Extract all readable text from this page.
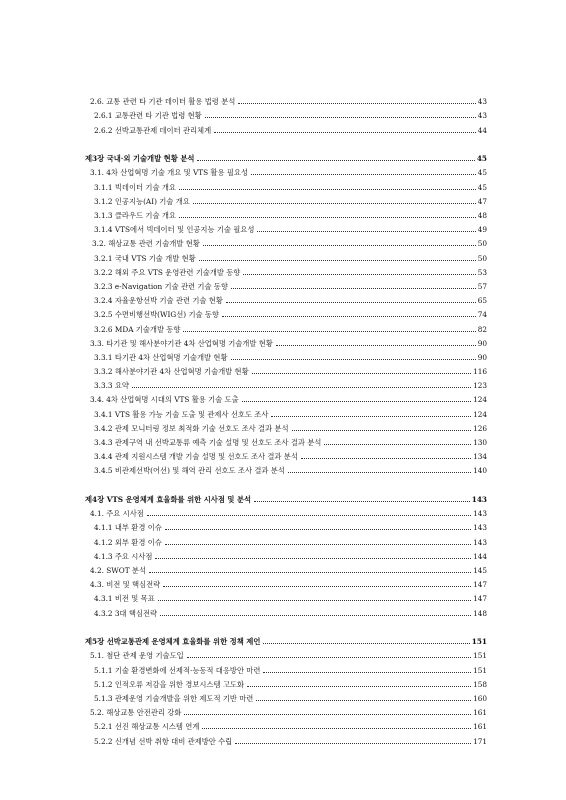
2.6. 교통 관련 타 기관 데이터 활용 법령 분석	43
2.6.1 교통관련 타 기관 법령 현황	43
2.6.2 선박교통관제 데이터 관리체계	44
제3장 국내·외 기술개발 현황 분석	45
3.1. 4차 산업혁명 기술 개요 및 VTS 활용 필요성	45
3.1.1 빅데이터 기술 개요	45
3.1.2 인공지능(AI) 기술 개요	47
3.1.3 클라우드 기술 개요	48
3.1.4 VTS에서 빅데이터 및 인공지능 기술 필요성	49
3.2. 해상교통 관련 기술개발 현황	50
3.2.1 국내 VTS 기술 개발 현황	50
3.2.2 해외 주요 VTS 운영관련 기술개발 동향	53
3.2.3 e-Navigation 기술 관련 기술 동향	57
3.2.4 자율운항선박 기술 관련 기술 현황	65
3.2.5 수면비행선박(WIG선) 기술 동향	74
3.2.6 MDA 기술개발 동향	82
3.3. 타기관 및 해사분야기관 4차 산업혁명 기술개발 현황	90
3.3.1 타기관 4차 산업혁명 기술개발 현황	90
3.3.2 해사분야기관 4차 산업혁명 기술개발 현황	116
3.3.3 요약	123
3.4. 4차 산업혁명 시대의 VTS 활용 기술 도출	124
3.4.1 VTS 활용 가능 기술 도출 및 관제사 선호도 조사	124
3.4.2 관제 모니터링 정보 최적화 기술 선호도 조사 결과 분석	126
3.4.3 관제구역 내 선박교통류 예측 기술 설명 및 선호도 조사 결과 분석	130
3.4.4 관제 지원시스템 개발 기술 설명 및 선호도 조사 결과 분석	134
3.4.5 비관제선박(어선) 및 해역 관리 선호도 조사 결과 분석	140
제4장 VTS 운영체계 효율화를 위한 시사점 및 분석	143
4.1. 주요 시사점	143
4.1.1 내부 환경 이슈	143
4.1.2 외부 환경 이슈	143
4.1.3 주요 시사점	144
4.2. SWOT 분석	145
4.3. 비전 및 핵심전략	147
4.3.1 비전 및 목표	147
4.3.2 3대 핵심전략	148
제5장 선박교통관제 운영체계 효율화를 위한 정책 제언	151
5.1. 첨단 관제 운영 기술도입	151
5.1.1 기술 환경변화에 선제적·능동적 대응방안 마련	151
5.1.2 인적오류 저감을 위한 경보시스템 고도화	158
5.1.3 관제운영 기술개발을 위한 제도적 기반 마련	160
5.2. 해상교통 안전관리 강화	161
5.2.1 선진 해상교통 시스템 연계	161
5.2.2 신개념 선박 취항 대비 관제방안 수립	171
